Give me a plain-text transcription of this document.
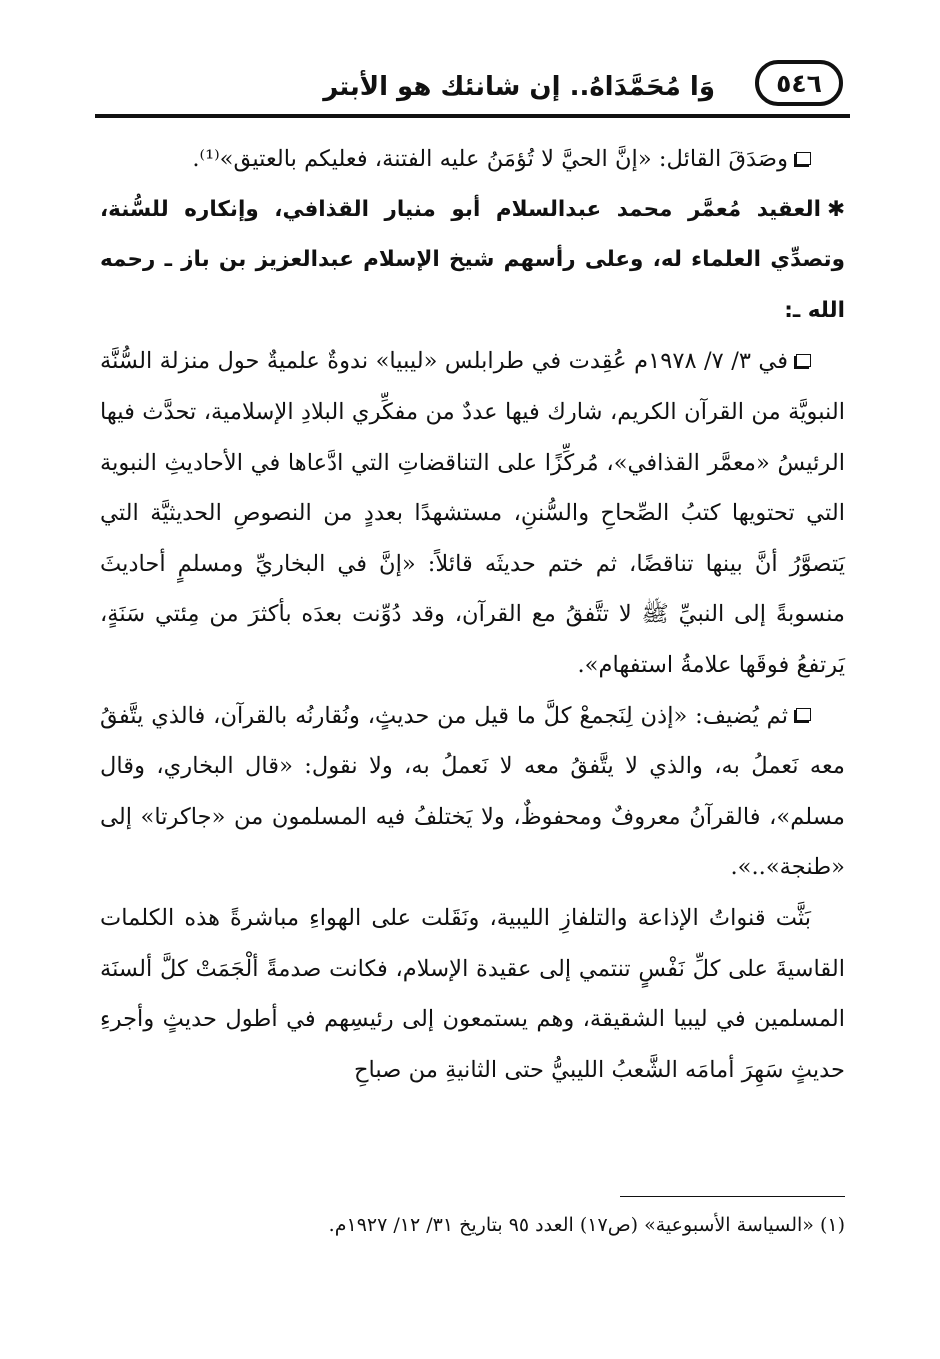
وَا مُحَمَّدَاهُ.. إن شانئك هو الأبتر	٥٤٦

وصَدَقَ القائل: «إنَّ الحيَّ لا تُؤمَنُ عليه الفتنة، فعليكم بالعتيق»⁽¹⁾.

✱العقيد مُعمَّر محمد عبدالسلام أبو منيار القذافي، وإنكاره للسُّنة، وتصدِّي العلماء له، وعلى رأسهم شيخ الإسلام عبدالعزيز بن باز ـ رحمه الله ـ:

في ٣/ ٧/ ١٩٧٨م عُقِدت في طرابلس «ليبيا» ندوةٌ علميةٌ حول منزلة السُّنَّة النبويَّة من القرآن الكريم، شارك فيها عددٌ من مفكِّري البلادِ الإسلامية، تحدَّث فيها الرئيسُ «معمَّر القذافي»، مُركِّزًا على التناقضاتِ التي ادَّعاها في الأحاديثِ النبوية التي تحتويها كتبُ الصِّحاحِ والسُّننِ، مستشهدًا بعددٍ من النصوصِ الحديثيَّة التي يَتصوَّرُ أنَّ بينها تناقضًا، ثم ختم حديثَه قائلاً: «إنَّ في البخاريِّ ومسلمٍ أحاديثَ منسوبةً إلى النبيِّ ﷺ لا تتَّفقُ مع القرآن، وقد دُوِّنت بعدَه بأكثرَ من مِئتي سَنَةٍ، يَرتفعُ فوقَها علامةُ استفهام».

ثم يُضيف: «إذن لِنَجمعْ كلَّ ما قيل من حديثٍ، ونُقارنُه بالقرآن، فالذي يتَّفقُ معه نَعملُ به، والذي لا يتَّفقُ معه لا نَعملُ به، ولا نقول: «قال البخاري، وقال مسلم»، فالقرآنُ معروفٌ ومحفوظٌ، ولا يَختلفُ فيه المسلمون من «جاكرتا» إلى «طنجة»..».

بَثَّت قنواتُ الإذاعة والتلفازِ الليبية، ونَقَلت على الهواءِ مباشرةً هذه الكلمات القاسيةَ على كلِّ نَفْسٍ تنتمي إلى عقيدة الإسلام، فكانت صدمةً ألْجَمَتْ كلَّ ألسنَة المسلمين في ليبيا الشقيقة، وهم يستمعون إلى رئيسِهم في أطول حديثٍ وأجرءِ حديثٍ سَهِرَ أمامَه الشَّعبُ الليبيُّ حتى الثانيةِ من صباحِ

(١) «السياسة الأسبوعية» (ص١٧) العدد ٩٥ بتاريخ ٣١/ ١٢/ ١٩٢٧م.
